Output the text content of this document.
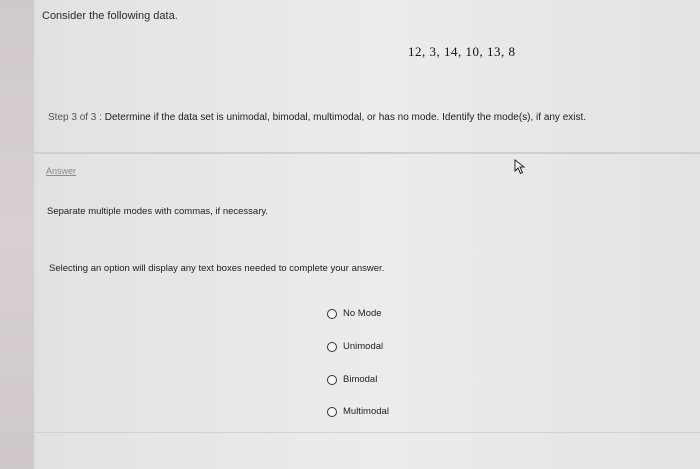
Consider the following data.
12, 3, 14, 10, 13, 8
Step 3 of 3 : Determine if the data set is unimodal, bimodal, multimodal, or has no mode. Identify the mode(s), if any exist.
Answer
Separate multiple modes with commas, if necessary.
Selecting an option will display any text boxes needed to complete your answer.
No Mode
Unimodal
Bimodal
Multimodal
